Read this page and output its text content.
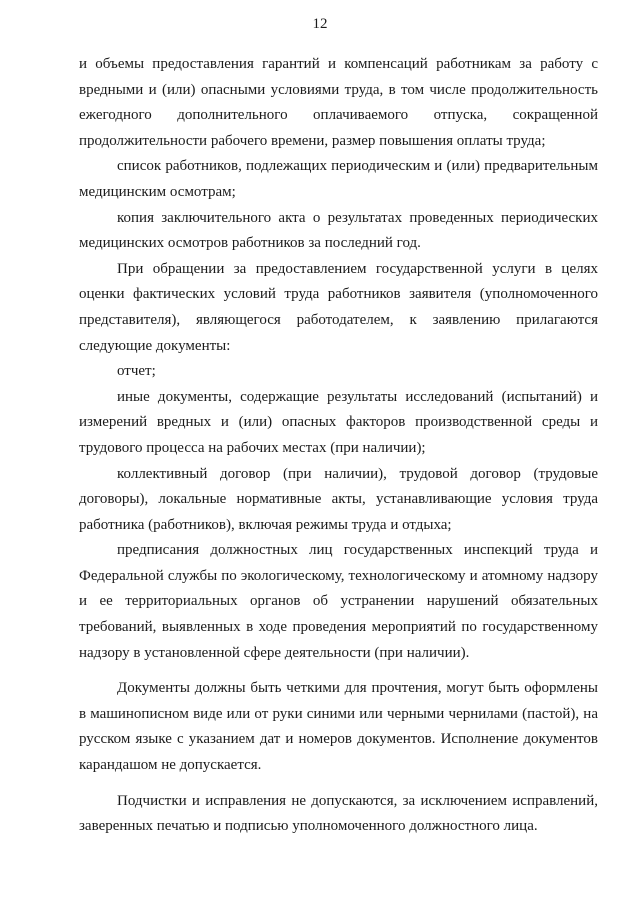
12

и объемы предоставления гарантий и компенсаций работникам за работу с вредными и (или) опасными условиями труда, в том числе продолжительность ежегодного дополнительного оплачиваемого отпуска, сокращенной продолжительности рабочего времени, размер повышения оплаты труда;

список работников, подлежащих периодическим и (или) предварительным медицинским осмотрам;

копия заключительного акта о результатах проведенных периодических медицинских осмотров работников за последний год.

При обращении за предоставлением государственной услуги в целях оценки фактических условий труда работников заявителя (уполномоченного представителя), являющегося работодателем, к заявлению прилагаются следующие документы:

отчет;

иные документы, содержащие результаты исследований (испытаний) и измерений вредных и (или) опасных факторов производственной среды и трудового процесса на рабочих местах (при наличии);

коллективный договор (при наличии), трудовой договор (трудовые договоры), локальные нормативные акты, устанавливающие условия труда работника (работников), включая режимы труда и отдыха;

предписания должностных лиц государственных инспекций труда и Федеральной службы по экологическому, технологическому и атомному надзору и ее территориальных органов об устранении нарушений обязательных требований, выявленных в ходе проведения мероприятий по государственному надзору в установленной сфере деятельности (при наличии).

Документы должны быть четкими для прочтения, могут быть оформлены в машинописном виде или от руки синими или черными чернилами (пастой), на русском языке с указанием дат и номеров документов. Исполнение документов карандашом не допускается.

Подчистки и исправления не допускаются, за исключением исправлений, заверенных печатью и подписью уполномоченного должностного лица.
